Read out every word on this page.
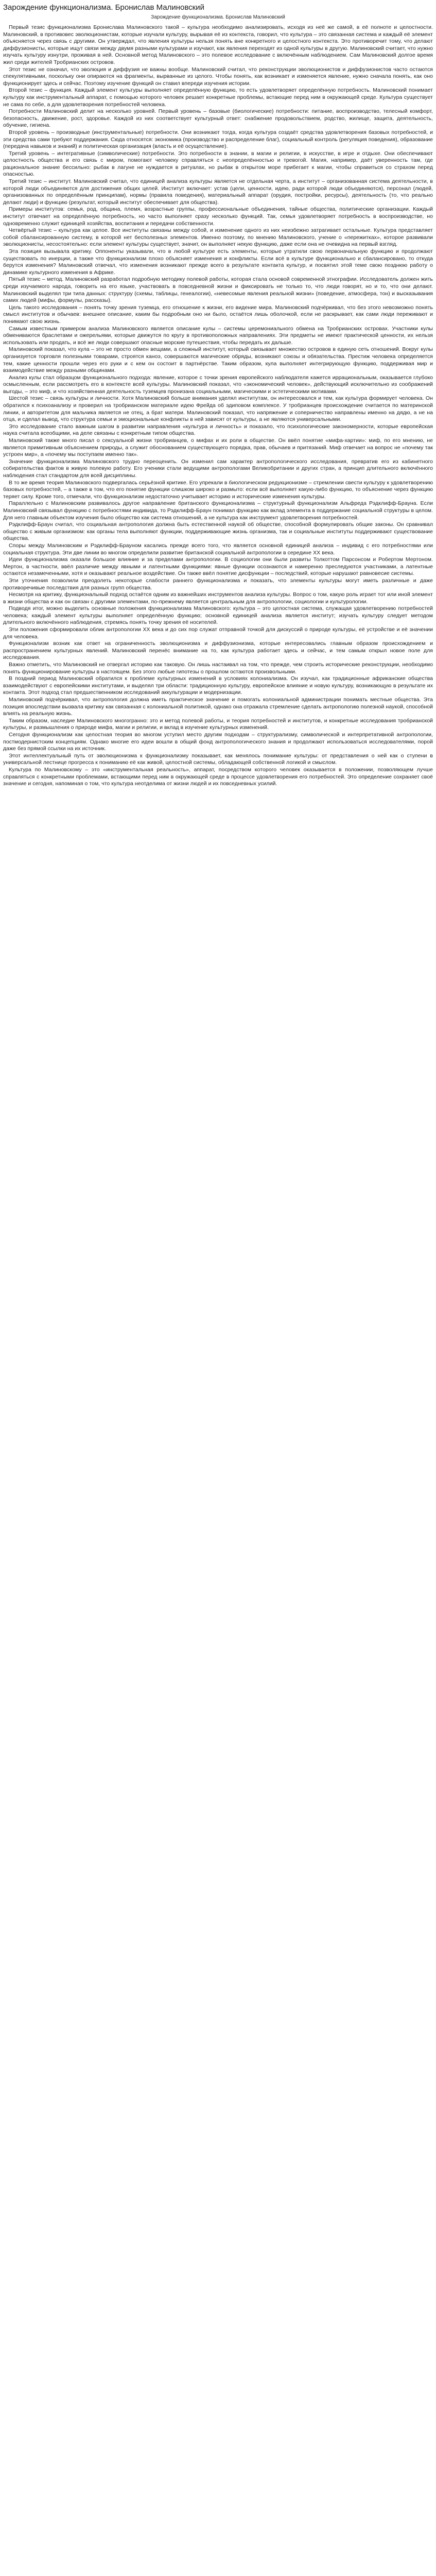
Зарождение функционализма. Бронислав Малиновский
Зарождение функционализма. Бронислав Малиновский

Первый тезис функционализма Бронислава Малиновского такой – культура необходимо анализировать, исходя из неё же самой, в её полноте и целостности. Малиновский, в противовес эволюционистам, которые изучали культуру, вырывая её из контекста, говорил, что культура – это связанная система и каждый её элемент объясняется через связь с другими. Он утверждал, что явления культуры нельзя понять вне конкретного и целостного контекста. Это противоречит тому, что делают диффузионисты, которые ищут связи между двумя разными культурами и изучают, как явления переходят из одной культуры в другую. Малиновский считает, что нужно изучать культуру изнутри, проживая в ней. Основной метод Малиновского – это полевое исследование с включённым наблюдением. Сам Малиновский долгое время жил среди жителей Тробрианских островов.

Этот тезис не означал, что эволюция и диффузия не важны вообще. Малиновский считал, что реконструкции эволюционистов и диффузионистов часто остаются спекулятивными, поскольку они опираются на фрагменты, вырванные из целого. Чтобы понять, как возникает и изменяется явление, нужно сначала понять, как оно функционирует здесь и сейчас. Поэтому изучение функций он ставил впереди изучения истории.

Второй тезис – функция. Каждый элемент культуры выполняет определённую функцию, то есть удовлетворяет определённую потребность. Малиновский понимает культуру как инструментальный аппарат, с помощью которого человек решает конкретные проблемы, встающие перед ним в окружающей среде. Культура существует не сама по себе, а для удовлетворения потребностей человека.

Потребности Малиновский делит на несколько уровней. Первый уровень – базовые (биологические) потребности: питание, воспроизводство, телесный комфорт, безопасность, движение, рост, здоровье. Каждой из них соответствует культурный ответ: снабжение продовольствием, родство, жилище, защита, деятельность, обучение, гигиена.

Второй уровень – производные (инструментальные) потребности. Они возникают тогда, когда культура создаёт средства удовлетворения базовых потребностей, и эти средства сами требуют поддержания. Сюда относятся: экономика (производство и распределение благ), социальный контроль (регуляция поведения), образование (передача навыков и знаний) и политическая организация (власть и её осуществление).

Третий уровень – интегративные (символические) потребности. Это потребности в знании, в магии и религии, в искусстве, в игре и отдыхе. Они обеспечивают целостность общества и его связь с миром, помогают человеку справляться с неопределённостью и тревогой. Магия, например, даёт уверенность там, где рациональное знание бессильно: рыбак в лагуне не нуждается в ритуалах, но рыбак в открытом море прибегает к магии, чтобы справиться со страхом перед опасностью.

Третий тезис – институт. Малиновский считал, что единицей анализа культуры является не отдельная черта, а институт – организованная система деятельности, в которой люди объединяются для достижения общих целей. Институт включает: устав (цели, ценности, идею, ради которой люди объединяются), персонал (людей, организованных по определённым принципам), нормы (правила поведения), материальный аппарат (орудия, постройки, ресурсы), деятельность (то, что реально делают люди) и функцию (результат, который институт обеспечивает для общества).

Примеры институтов: семья, род, община, племя, возрастные группы, профессиональные объединения, тайные общества, политические организации. Каждый институт отвечает на определённую потребность, но часто выполняет сразу несколько функций. Так, семья удовлетворяет потребность в воспроизводстве, но одновременно служит единицей хозяйства, воспитания и передачи собственности.

Четвёртый тезис – культура как целое. Все институты связаны между собой, и изменение одного из них неизбежно затрагивает остальные. Культура представляет собой сбалансированную систему, в которой нет бесполезных элементов. Именно поэтому, по мнению Малиновского, учение о «пережитках», которое развивали эволюционисты, несостоятельно: если элемент культуры существует, значит, он выполняет некую функцию, даже если она не очевидна на первый взгляд.

Эта позиция вызывала критику. Оппоненты указывали, что в любой культуре есть элементы, которые утратили свою первоначальную функцию и продолжают существовать по инерции, а также что функционализм плохо объясняет изменения и конфликты. Если всё в культуре функционально и сбалансировано, то откуда берутся изменения? Малиновский отвечал, что изменения возникают прежде всего в результате контакта культур, и посвятил этой теме свою позднюю работу о динамике культурного изменения в Африке.

Пятый тезис – метод. Малиновский разработал подробную методику полевой работы, которая стала основой современной этнографии. Исследователь должен жить среди изучаемого народа, говорить на его языке, участвовать в повседневной жизни и фиксировать не только то, что люди говорят, но и то, что они делают. Малиновский выделял три типа данных: структуру (схемы, таблицы, генеалогии), «невесомые явления реальной жизни» (поведение, атмосфера, тон) и высказывания самих людей (мифы, формулы, рассказы).

Цель такого исследования – понять точку зрения туземца, его отношение к жизни, его видение мира. Малиновский подчёркивал, что без этого невозможно понять смысл институтов и обычаев: внешнее описание, каким бы подробным оно ни было, остаётся лишь оболочкой, если не раскрывает, как сами люди переживают и понимают свою жизнь.

Самым известным примером анализа Малиновского является описание кулы – системы церемониального обмена на Тробрианских островах. Участники кулы обмениваются браслетами и ожерельями, которые движутся по кругу в противоположных направлениях. Эти предметы не имеют практической ценности, их нельзя использовать или продать, и всё же люди совершают опасные морские путешествия, чтобы передать их дальше.

Малиновский показал, что кула – это не просто обмен вещами, а сложный институт, который связывает множество островов в единую сеть отношений. Вокруг кулы организуется торговля полезными товарами, строятся каноэ, совершаются магические обряды, возникают союзы и обязательства. Престиж человека определяется тем, какие ценности прошли через его руки и с кем он состоит в партнёрстве. Таким образом, кула выполняет интегрирующую функцию, поддерживая мир и взаимодействие между разными общинами.

Анализ кулы стал образцом функционального подхода: явление, которое с точки зрения европейского наблюдателя кажется иррациональным, оказывается глубоко осмысленным, если рассмотреть его в контексте всей культуры. Малиновский показал, что «экономический человек», действующий исключительно из соображений выгоды, – это миф, и что хозяйственная деятельность туземцев пронизана социальными, магическими и эстетическими мотивами.

Шестой тезис – связь культуры и личности. Хотя Малиновский больше внимания уделял институтам, он интересовался и тем, как культура формирует человека. Он обратился к психоанализу и проверил на тробрианском материале идею Фрейда об эдиповом комплексе. У тробрианцев происхождение считается по материнской линии, и авторитетом для мальчика является не отец, а брат матери. Малиновский показал, что напряжение и соперничество направлены именно на дядю, а не на отца, и сделал вывод, что структура семьи и эмоциональные конфликты в ней зависят от культуры, а не являются универсальными.

Это исследование стало важным шагом в развитии направления «культура и личность» и показало, что психологические закономерности, которые европейская наука считала всеобщими, на деле связаны с конкретным типом общества.

Малиновский также много писал о сексуальной жизни тробрианцев, о мифах и их роли в обществе. Он ввёл понятие «мифа-хартии»: миф, по его мнению, не является примитивным объяснением природы, а служит обоснованием существующего порядка, прав, обычаев и притязаний. Миф отвечает на вопрос не «почему так устроен мир», а «почему мы поступаем именно так».

Значение функционализма Малиновского трудно переоценить. Он изменил сам характер антропологического исследования, превратив его из кабинетного собирательства фактов в живую полевую работу. Его ученики стали ведущими антропологами Великобритании и других стран, а принцип длительного включённого наблюдения стал стандартом для всей дисциплины.

В то же время теория Малиновского подвергалась серьёзной критике. Его упрекали в биологическом редукционизме – стремлении свести культуру к удовлетворению базовых потребностей, – а также в том, что его понятие функции слишком широко и размыто: если всё выполняет какую-либо функцию, то объяснение через функцию теряет силу. Кроме того, отмечали, что функционализм недостаточно учитывает историю и исторические изменения культуры.

Параллельно с Малиновским развивалось другое направление британского функционализма – структурный функционализм Альфреда Рэдклифф-Брауна. Если Малиновский связывал функцию с потребностями индивида, то Рэдклифф-Браун понимал функцию как вклад элемента в поддержание социальной структуры в целом. Для него главным объектом изучения было общество как система отношений, а не культура как инструмент удовлетворения потребностей.

Рэдклифф-Браун считал, что социальная антропология должна быть естественной наукой об обществе, способной формулировать общие законы. Он сравнивал общество с живым организмом: как органы тела выполняют функции, поддерживающие жизнь организма, так и социальные институты поддерживают существование общества.

Споры между Малиновским и Рэдклифф-Брауном касались прежде всего того, что является основной единицей анализа – индивид с его потребностями или социальная структура. Эти две линии во многом определили развитие британской социальной антропологии в середине XX века.

Идеи функционализма оказали большое влияние и за пределами антропологии. В социологии они были развиты Толкоттом Парсонсом и Робертом Мертоном. Мертон, в частности, ввёл различие между явными и латентными функциями: явные функции осознаются и намеренно преследуются участниками, а латентные остаются незамеченными, хотя и оказывают реальное воздействие. Он также ввёл понятие дисфункции – последствий, которые нарушают равновесие системы.

Эти уточнения позволили преодолеть некоторые слабости раннего функционализма и показать, что элементы культуры могут иметь различные и даже противоречивые последствия для разных групп общества.

Несмотря на критику, функциональный подход остаётся одним из важнейших инструментов анализа культуры. Вопрос о том, какую роль играет тот или иной элемент в жизни общества и как он связан с другими элементами, по-прежнему является центральным для антропологии, социологии и культурологии.

Подводя итог, можно выделить основные положения функционализма Малиновского: культура – это целостная система, служащая удовлетворению потребностей человека; каждый элемент культуры выполняет определённую функцию; основной единицей анализа является институт; изучать культуру следует методом длительного включённого наблюдения, стремясь понять точку зрения её носителей.

Эти положения сформировали облик антропологии XX века и до сих пор служат отправной точкой для дискуссий о природе культуры, её устройстве и её значении для человека.

Функционализм возник как ответ на ограниченность эволюционизма и диффузионизма, которые интересовались главным образом происхождением и распространением культурных явлений. Малиновский перенёс внимание на то, как культура работает здесь и сейчас, и тем самым открыл новое поле для исследования.

Важно отметить, что Малиновский не отвергал историю как таковую. Он лишь настаивал на том, что прежде, чем строить исторические реконструкции, необходимо понять функционирование культуры в настоящем. Без этого любые гипотезы о прошлом остаются произвольными.

В поздний период Малиновский обратился к проблеме культурных изменений в условиях колониализма. Он изучал, как традиционные африканские общества взаимодействуют с европейскими институтами, и выделял три области: традиционную культуру, европейское влияние и новую культуру, возникающую в результате их контакта. Этот подход стал предшественником исследований аккультурации и модернизации.

Малиновский подчёркивал, что антропология должна иметь практическое значение и помогать колониальной администрации понимать местные общества. Эта позиция впоследствии вызвала критику как связанная с колониальной политикой, однако она отражала стремление сделать антропологию полезной наукой, способной влиять на реальную жизнь.

Таким образом, наследие Малиновского многогранно: это и метод полевой работы, и теория потребностей и институтов, и конкретные исследования тробрианской культуры, и размышления о природе мифа, магии и религии, и вклад в изучение культурных изменений.

Сегодня функционализм как целостная теория во многом уступил место другим подходам – структурализму, символической и интерпретативной антропологии, постмодернистским концепциям. Однако многие его идеи вошли в общий фонд антропологического знания и продолжают использоваться исследователями, порой даже без прямой ссылки на их источник.

Этот интеллектуальный путь от эволюционизма к функционализму показывает, как менялось понимание культуры: от представления о ней как о ступени в универсальной лестнице прогресса к пониманию её как живой, целостной системы, обладающей собственной логикой и смыслом.

Культура по Малиновскому – это «инструментальная реальность», аппарат, посредством которого человек оказывается в положении, позволяющем лучше справляться с конкретными проблемами, встающими перед ним в окружающей среде в процессе удовлетворения его потребностей. Это определение сохраняет своё значение и сегодня, напоминая о том, что культура неотделима от жизни людей и их повседневных усилий.
